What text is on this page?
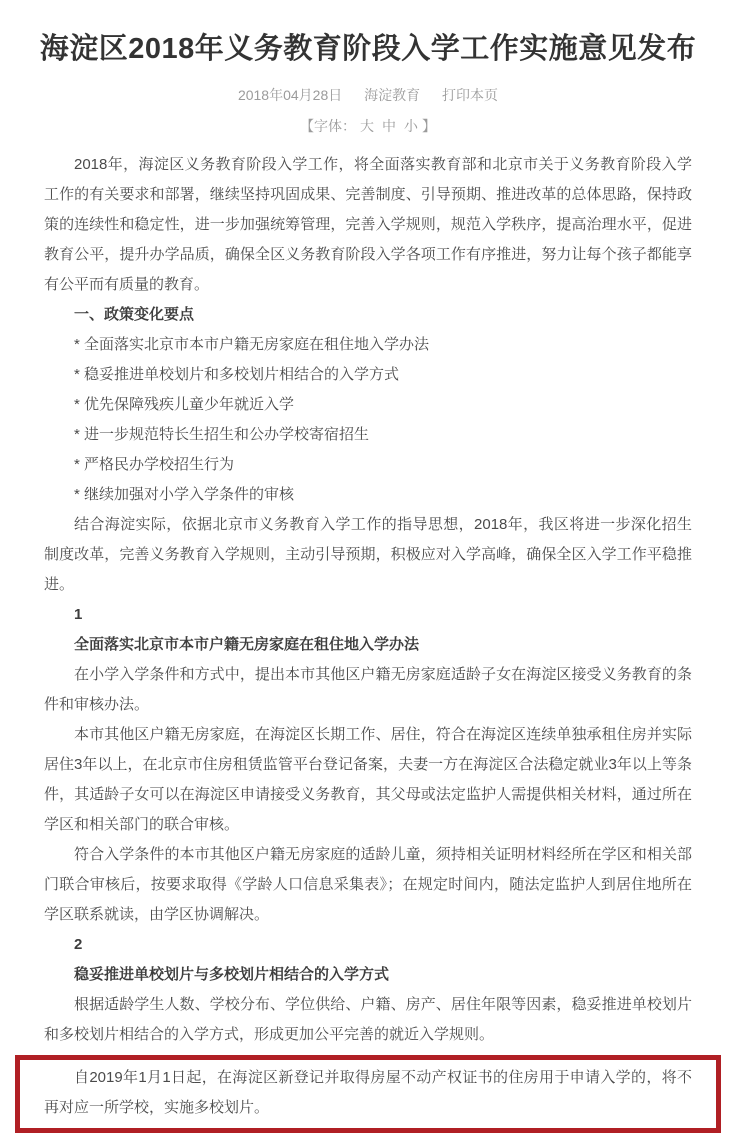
海淀区2018年义务教育阶段入学工作实施意见发布
2018年04月28日 海淀教育 打印本页
【字体： 大 中 小 】

2018年，海淀区义务教育阶段入学工作，将全面落实教育部和北京市关于义务教育阶段入学工作的有关要求和部署，继续坚持巩固成果、完善制度、引导预期、推进改革的总体思路，保持政策的连续性和稳定性，进一步加强统筹管理，完善入学规则，规范入学秩序，提高治理水平，促进教育公平，提升办学品质，确保全区义务教育阶段入学各项工作有序推进，努力让每个孩子都能享有公平而有质量的教育。

一、政策变化要点

* 全面落实北京市本市户籍无房家庭在租住地入学办法

* 稳妥推进单校划片和多校划片相结合的入学方式

* 优先保障残疾儿童少年就近入学

* 进一步规范特长生招生和公办学校寄宿招生

* 严格民办学校招生行为

* 继续加强对小学入学条件的审核

结合海淀实际，依据北京市义务教育入学工作的指导思想，2018年，我区将进一步深化招生制度改革，完善义务教育入学规则，主动引导预期，积极应对入学高峰，确保全区入学工作平稳推进。

1

全面落实北京市本市户籍无房家庭在租住地入学办法

在小学入学条件和方式中，提出本市其他区户籍无房家庭适龄子女在海淀区接受义务教育的条件和审核办法。

本市其他区户籍无房家庭，在海淀区长期工作、居住，符合在海淀区连续单独承租住房并实际居住3年以上，在北京市住房租赁监管平台登记备案，夫妻一方在海淀区合法稳定就业3年以上等条件，其适龄子女可以在海淀区申请接受义务教育，其父母或法定监护人需提供相关材料，通过所在学区和相关部门的联合审核。

符合入学条件的本市其他区户籍无房家庭的适龄儿童，须持相关证明材料经所在学区和相关部门联合审核后，按要求取得《学龄人口信息采集表》；在规定时间内，随法定监护人到居住地所在学区联系就读，由学区协调解决。

2

稳妥推进单校划片与多校划片相结合的入学方式

根据适龄学生人数、学校分布、学位供给、户籍、房产、居住年限等因素，稳妥推进单校划片和多校划片相结合的入学方式，形成更加公平完善的就近入学规则。

自2019年1月1日起，在海淀区新登记并取得房屋不动产权证书的住房用于申请入学的，将不再对应一所学校，实施多校划片。
